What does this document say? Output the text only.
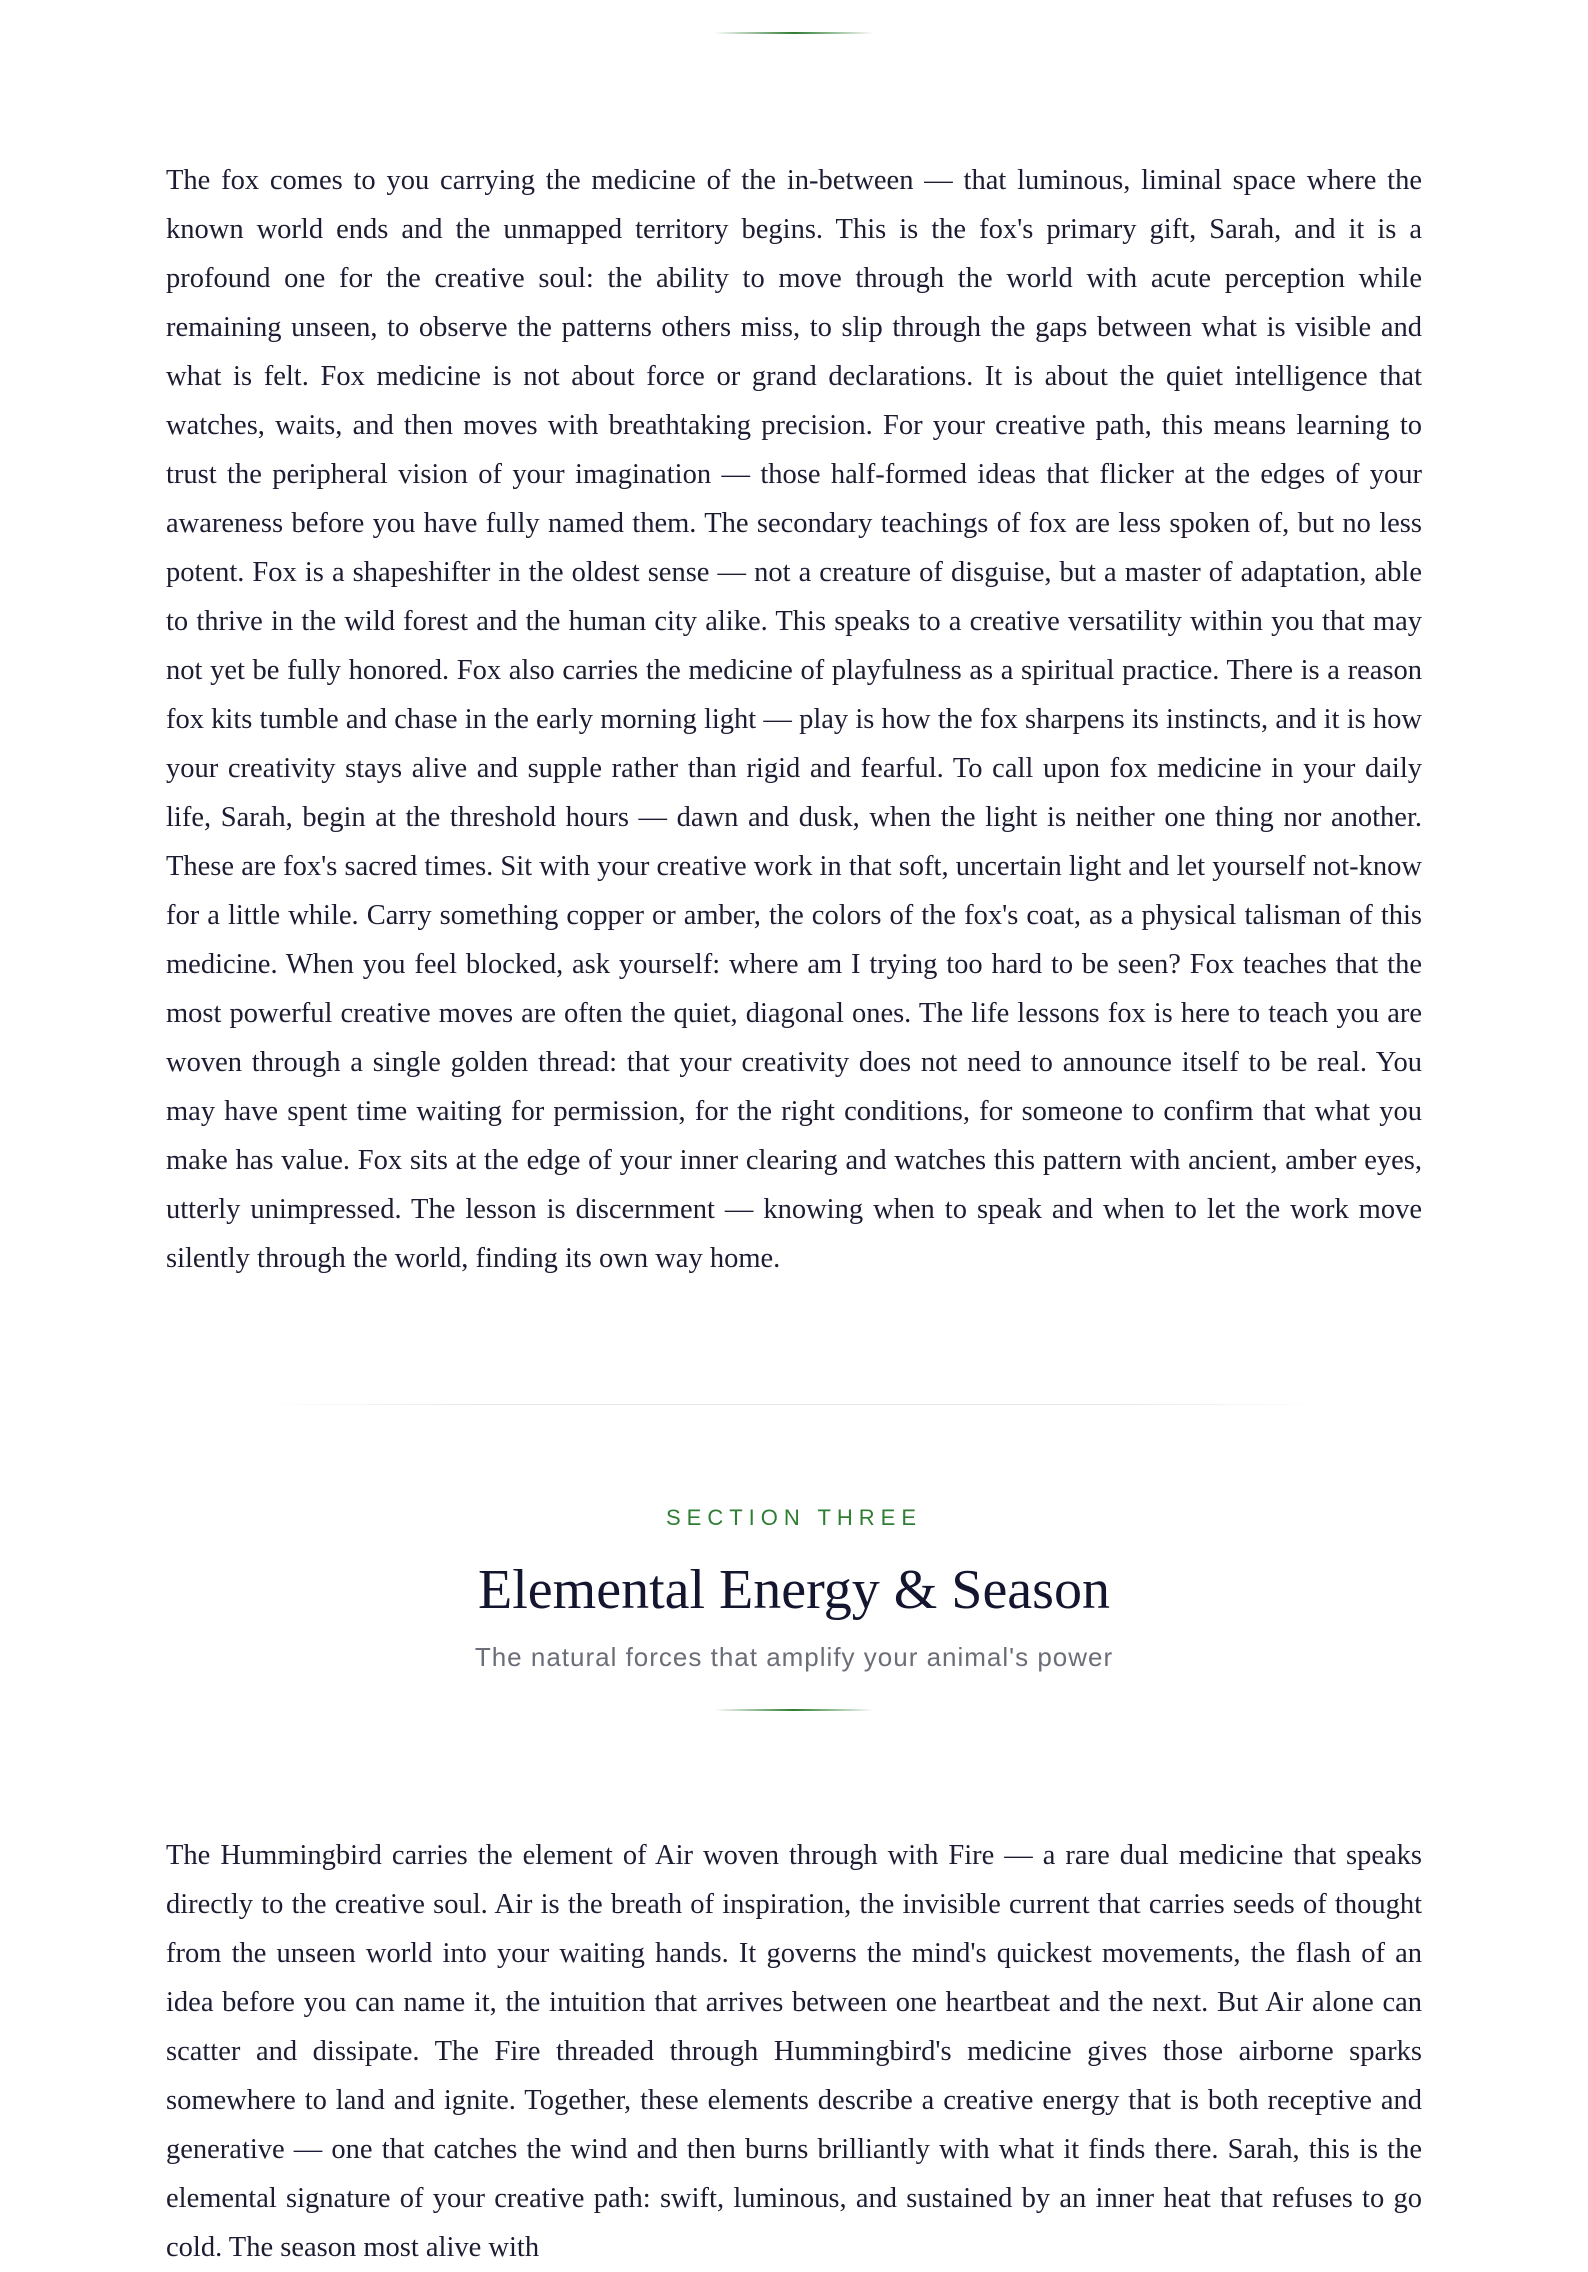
The fox comes to you carrying the medicine of the in-between — that luminous, liminal space where the known world ends and the unmapped territory begins. This is the fox's primary gift, Sarah, and it is a profound one for the creative soul: the ability to move through the world with acute perception while remaining unseen, to observe the patterns others miss, to slip through the gaps between what is visible and what is felt. Fox medicine is not about force or grand declarations. It is about the quiet intelligence that watches, waits, and then moves with breathtaking precision. For your creative path, this means learning to trust the peripheral vision of your imagination — those half-formed ideas that flicker at the edges of your awareness before you have fully named them. The secondary teachings of fox are less spoken of, but no less potent. Fox is a shapeshifter in the oldest sense — not a creature of disguise, but a master of adaptation, able to thrive in the wild forest and the human city alike. This speaks to a creative versatility within you that may not yet be fully honored. Fox also carries the medicine of playfulness as a spiritual practice. There is a reason fox kits tumble and chase in the early morning light — play is how the fox sharpens its instincts, and it is how your creativity stays alive and supple rather than rigid and fearful. To call upon fox medicine in your daily life, Sarah, begin at the threshold hours — dawn and dusk, when the light is neither one thing nor another. These are fox's sacred times. Sit with your creative work in that soft, uncertain light and let yourself not-know for a little while. Carry something copper or amber, the colors of the fox's coat, as a physical talisman of this medicine. When you feel blocked, ask yourself: where am I trying too hard to be seen? Fox teaches that the most powerful creative moves are often the quiet, diagonal ones. The life lessons fox is here to teach you are woven through a single golden thread: that your creativity does not need to announce itself to be real. You may have spent time waiting for permission, for the right conditions, for someone to confirm that what you make has value. Fox sits at the edge of your inner clearing and watches this pattern with ancient, amber eyes, utterly unimpressed. The lesson is discernment — knowing when to speak and when to let the work move silently through the world, finding its own way home.

SECTION THREE
Elemental Energy & Season
The natural forces that amplify your animal's power

The Hummingbird carries the element of Air woven through with Fire — a rare dual medicine that speaks directly to the creative soul. Air is the breath of inspiration, the invisible current that carries seeds of thought from the unseen world into your waiting hands. It governs the mind's quickest movements, the flash of an idea before you can name it, the intuition that arrives between one heartbeat and the next. But Air alone can scatter and dissipate. The Fire threaded through Hummingbird's medicine gives those airborne sparks somewhere to land and ignite. Together, these elements describe a creative energy that is both receptive and generative — one that catches the wind and then burns brilliantly with what it finds there. Sarah, this is the elemental signature of your creative path: swift, luminous, and sustained by an inner heat that refuses to go cold. The season most alive with
